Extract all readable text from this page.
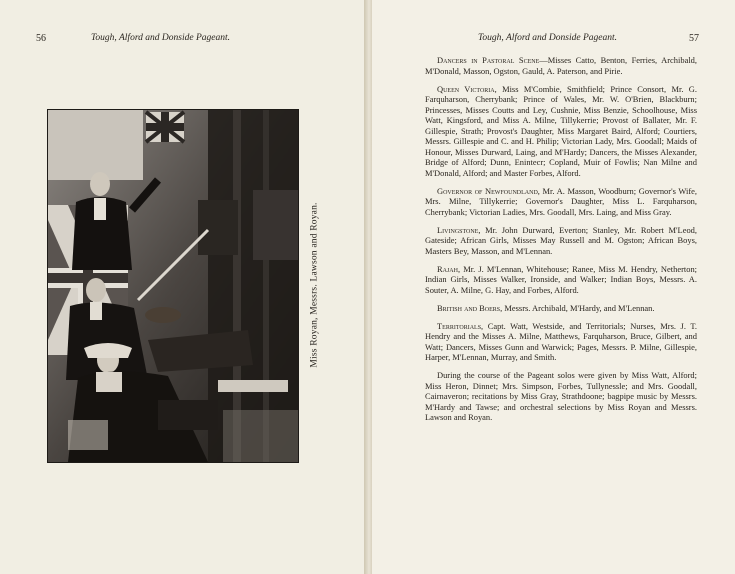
56	Tough, Alford and Donside Pageant.
Miss Royan, Messrs. Lawson and Royan.
Tough, Alford and Donside Pageant.	57

Dancers in Pastoral Scene—Misses Catto, Benton, Ferries, Archibald, M'Donald, Masson, Ogston, Gauld, A. Paterson, and Pirie.

Queen Victoria, Miss M'Combie, Smithfield; Prince Consort, Mr. G. Farquharson, Cherrybank; Prince of Wales, Mr. W. O'Brien, Blackburn; Princesses, Misses Coutts and Ley, Cushnie, Miss Benzie, Schoolhouse, Miss Watt, Kingsford, and Miss A. Milne, Tillykerrie; Provost of Ballater, Mr. F. Gillespie, Strath; Provost's Daughter, Miss Margaret Baird, Alford; Courtiers, Messrs. Gillespie and C. and H. Philip; Victorian Lady, Mrs. Goodall; Maids of Honour, Misses Durward, Laing, and M'Hardy; Dancers, the Misses Alexander, Bridge of Alford; Dunn, Enintecr; Copland, Muir of Fowlis; Nan Milne and M'Donald, Alford; and Master Forbes, Alford.

Governor of Newfoundland, Mr. A. Masson, Woodburn; Governor's Wife, Mrs. Milne, Tillykerrie; Governor's Daughter, Miss L. Farquharson, Cherrybank; Victorian Ladies, Mrs. Goodall, Mrs. Laing, and Miss Gray.

Livingstone, Mr. John Durward, Everton; Stanley, Mr. Robert M'Leod, Gateside; African Girls, Misses May Russell and M. Ogston; African Boys, Masters Bey, Masson, and M'Lennan.

Rajah, Mr. J. M'Lennan, Whitehouse; Ranee, Miss M. Hendry, Netherton; Indian Girls, Misses Walker, Ironside, and Walker; Indian Boys, Messrs. A. Souter, A. Milne, G. Hay, and Forbes, Alford.

British and Boers, Messrs. Archibald, M'Hardy, and M'Lennan.

Territorials, Capt. Watt, Westside, and Territorials; Nurses, Mrs. J. T. Hendry and the Misses A. Milne, Matthews, Farquharson, Bruce, Gilbert, and Watt; Dancers, Misses Gunn and Warwick; Pages, Messrs. P. Milne, Gillespie, Harper, M'Lennan, Murray, and Smith.

During the course of the Pageant solos were given by Miss Watt, Alford; Miss Heron, Dinnet; Mrs. Simpson, Forbes, Tullynessle; and Mrs. Goodall, Cairnaveron; recitations by Miss Gray, Strathdoone; bagpipe music by Messrs. M'Hardy and Tawse; and orchestral selections by Miss Royan and Messrs. Lawson and Royan.
